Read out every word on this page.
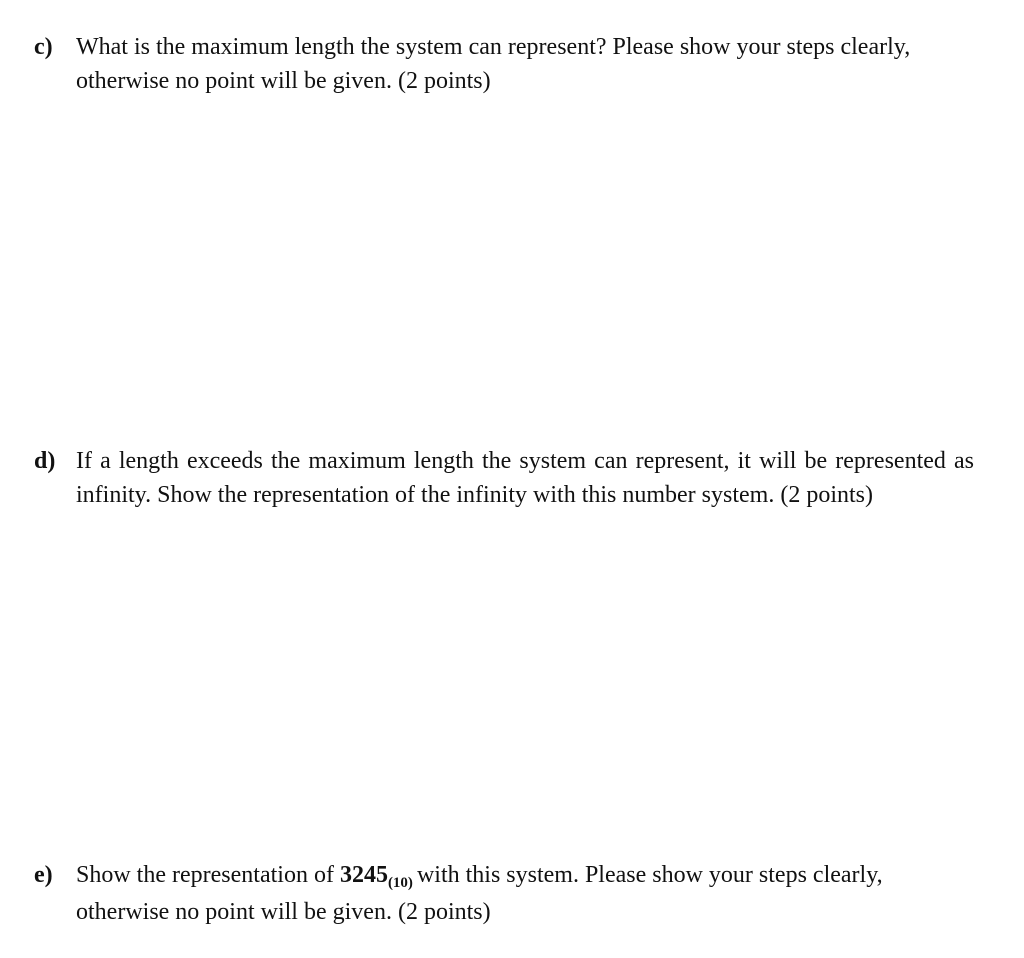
c) What is the maximum length the system can represent? Please show your steps clearly, otherwise no point will be given. (2 points)

d) If a length exceeds the maximum length the system can represent, it will be represented as infinity. Show the representation of the infinity with this number system. (2 points)

e) Show the representation of $3245_{(10)}$ with this system. Please show your steps clearly, otherwise no point will be given. (2 points)
